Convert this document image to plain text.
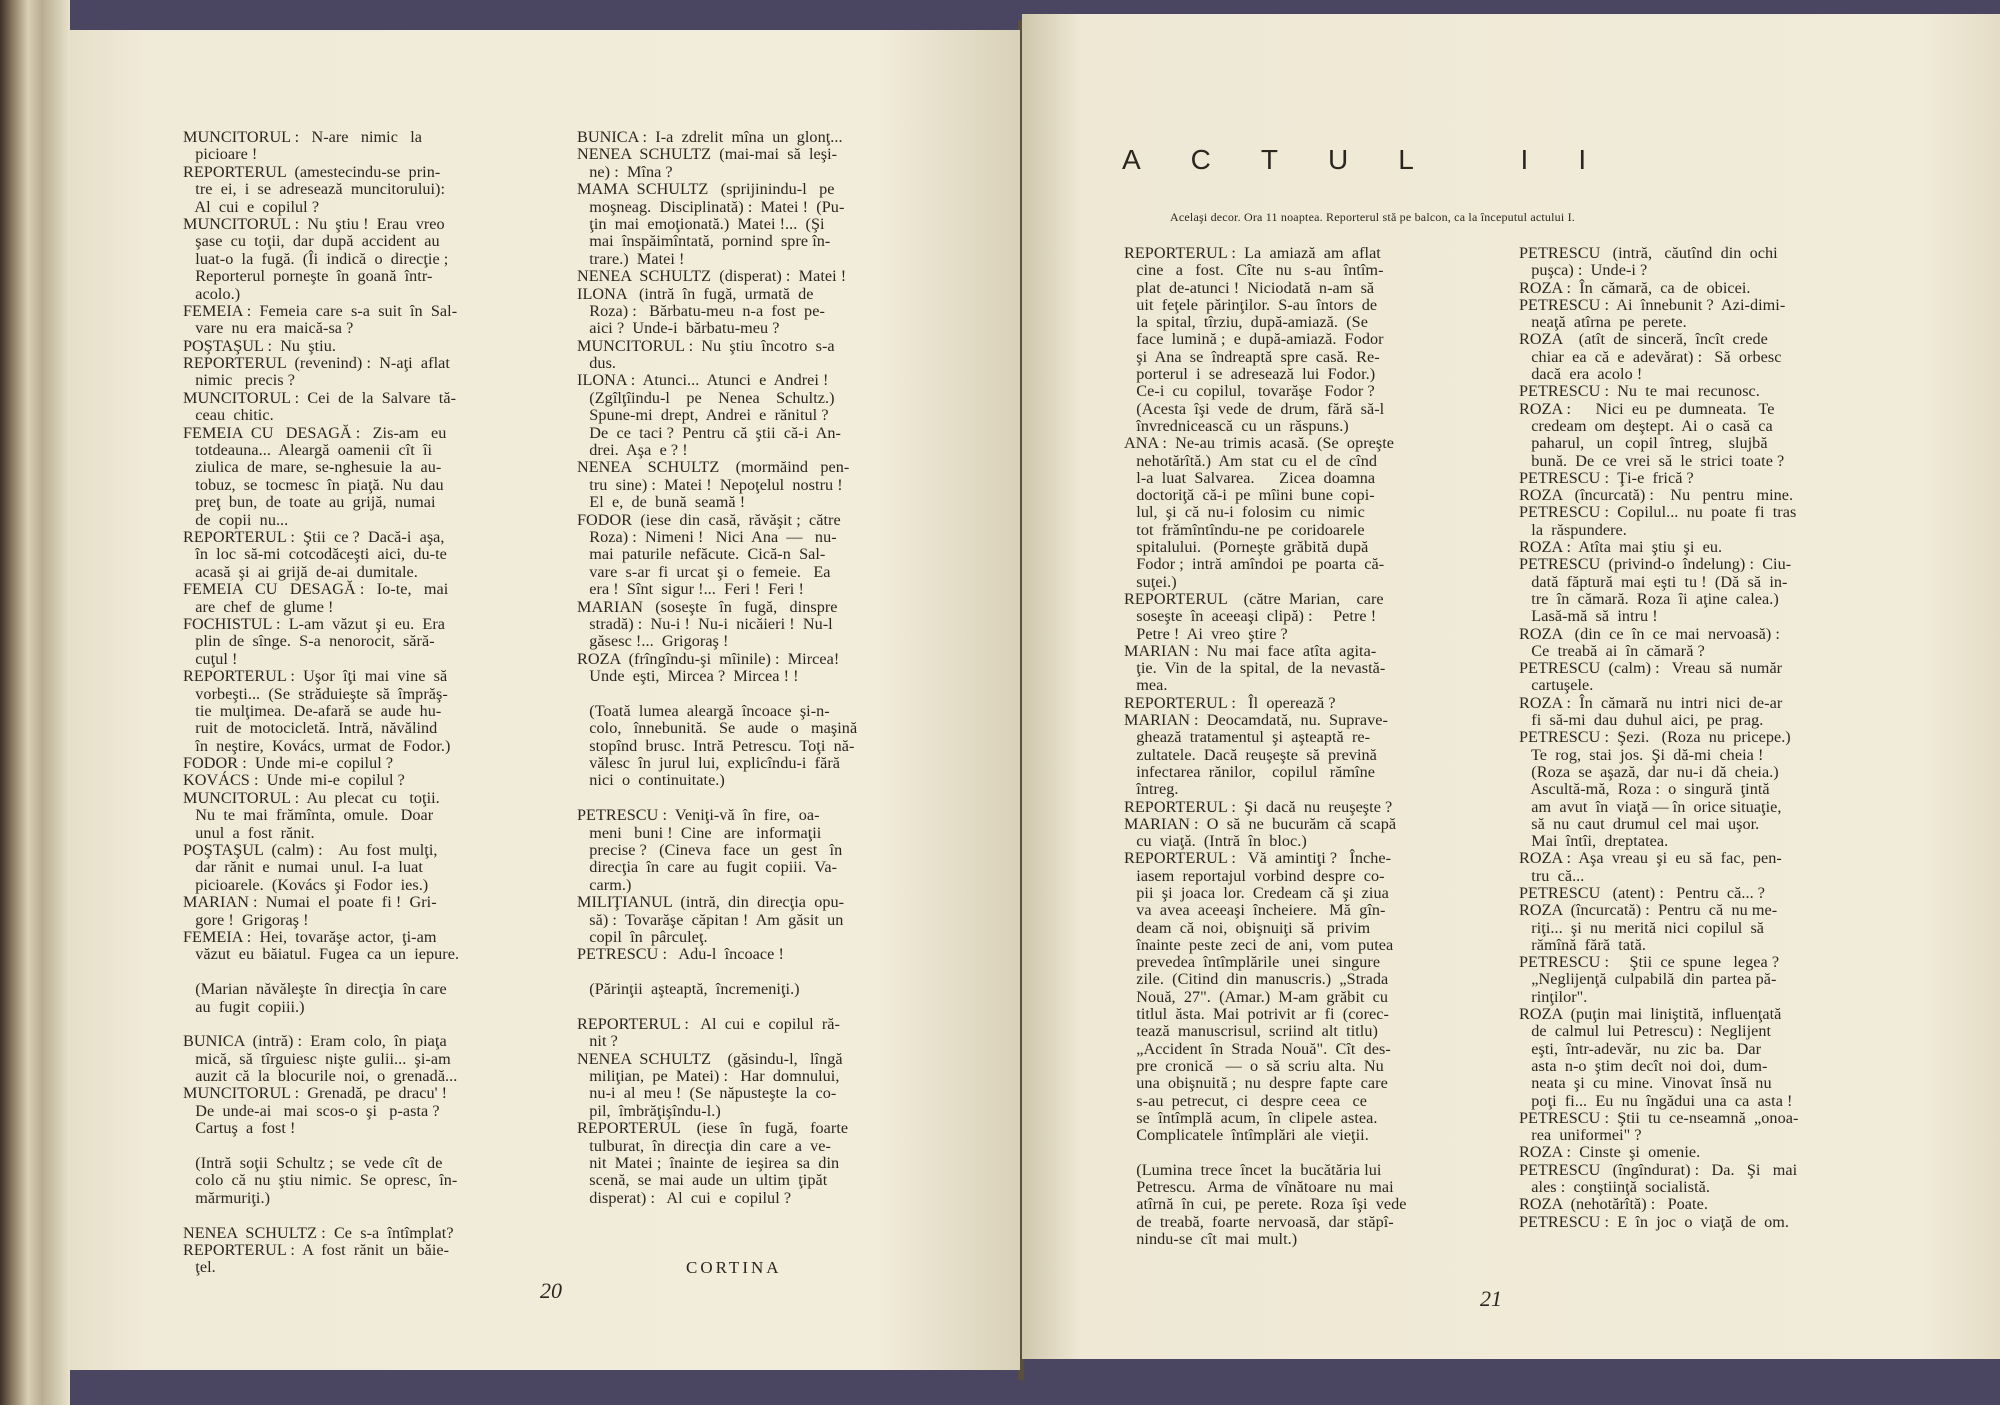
MUNCITORUL :   N-are   nimic   la

picioare !

REPORTERUL  (amestecindu-se  prin-

tre  ei,  i  se  adresează  muncitorului):

Al  cui  e  copilul ?

MUNCITORUL :  Nu  ştiu !  Erau  vreo

şase  cu  toţii,  dar  după  accident  au

luat-o  la  fugă.  (Îi  indică  o  direcţie ;

Reporterul  porneşte  în  goană  într-

acolo.)

FEMEIA :  Femeia  care  s-a  suit  în  Sal-

vare  nu  era  maică-sa ?

POŞTAŞUL :  Nu  ştiu.

REPORTERUL  (revenind) :  N-aţi  aflat

nimic   precis ?

MUNCITORUL :  Cei  de  la  Salvare  tă-

ceau  chitic.

FEMEIA  CU   DESAGĂ :   Zis-am   eu

totdeauna...  Aleargă  oamenii  cît  îi

ziulica  de  mare,  se-nghesuie  la  au-

tobuz,  se  tocmesc  în  piaţă.  Nu  dau

preţ  bun,  de  toate  au  grijă,  numai

de  copii  nu...

REPORTERUL :  Ştii  ce ?  Dacă-i  aşa,

în  loc  să-mi  cotcodăceşti  aici,  du-te

acasă  şi  ai  grijă  de-ai  dumitale.

FEMEIA   CU   DESAGĂ :   Io-te,   mai

are  chef  de  glume !

FOCHISTUL :  L-am  văzut  şi  eu.  Era

plin  de  sînge.  S-a  nenorocit,  sără-

cuţul !

REPORTERUL :  Uşor  îţi  mai  vine  să

vorbeşti...  (Se  străduieşte  să  împrăş-

tie  mulţimea.  De-afară  se  aude  hu-

ruit  de  motocicletă.  Intră,  năvălind

în  neştire,  Kovács,  urmat  de  Fodor.)

FODOR :  Unde  mi-e  copilul ?

KOVÁCS :  Unde  mi-e  copilul ?

MUNCITORUL :  Au  plecat  cu   toţii.

Nu  te  mai  frămînta,  omule.   Doar

unul  a  fost  rănit.

POŞTAŞUL  (calm) :    Au  fost  mulţi,

dar  rănit  e  numai   unul.  I-a  luat

picioarele.  (Kovács  şi  Fodor  ies.)

MARIAN :  Numai  el  poate  fi !  Gri-

gore !  Grigoraş !

FEMEIA :  Hei,  tovarăşe  actor,  ţi-am

văzut  eu  băiatul.  Fugea  ca  un  iepure.

(Marian  năvăleşte  în  direcţia  în care

au  fugit  copiii.)

BUNICA  (intră) :  Eram  colo,  în  piaţa

mică,  să  tîrguiesc  nişte  gulii...  şi-am

auzit  că  la  blocurile  noi,  o  grenadă...

MUNCITORUL :  Grenadă,  pe  dracu' !

De  unde-ai   mai  scos-o  şi   p-asta ?

Cartuş  a  fost !

(Intră  soţii  Schultz ;  se  vede  cît  de

colo  că  nu  ştiu  nimic.  Se  opresc,  în-

mărmuriţi.)

NENEA  SCHULTZ :  Ce  s-a  întîmplat?

REPORTERUL :  A  fost  rănit  un  băie-

ţel.

BUNICA :  I-a  zdrelit  mîna  un  glonţ...

NENEA  SCHULTZ  (mai-mai  să  leşi-

ne) :  Mîna ?

MAMA  SCHULTZ   (sprijinindu-l   pe

moşneag.  Disciplinată) :  Matei !  (Pu-

ţin  mai  emoţionată.)  Matei !...  (Şi

mai  înspăimîntată,  pornind  spre în-

trare.)  Matei !

NENEA  SCHULTZ  (disperat) :  Matei !

ILONA   (intră  în  fugă,  urmată  de

Roza) :   Bărbatu-meu  n-a  fost  pe-

aici ?  Unde-i  bărbatu-meu ?

MUNCITORUL :  Nu  ştiu  încotro  s-a

dus.

ILONA :  Atunci...  Atunci  e  Andrei !

(Zgîlţîindu-l    pe    Nenea    Schultz.)

Spune-mi  drept,  Andrei  e  rănitul ?

De  ce  taci ?  Pentru  că  ştii  că-i  An-

drei.  Aşa  e ? !

NENEA    SCHULTZ    (mormăind   pen-

tru  sine) :  Matei !  Nepoţelul  nostru !

El  e,  de  bună  seamă !

FODOR  (iese  din  casă,  răvăşit ;  către

Roza) :  Nimeni !   Nici  Ana  —   nu-

mai  paturile  nefăcute.  Cică-n  Sal-

vare  s-ar  fi  urcat  şi  o  femeie.   Ea

era !  Sînt  sigur !...  Feri !  Feri !

MARIAN   (soseşte   în   fugă,   dinspre

stradă) :  Nu-i !  Nu-i  nicăieri !  Nu-l

găsesc !...  Grigoraş !

ROZA  (frîngîndu-şi  mîinile) :  Mircea!

Unde  eşti,  Mircea ?  Mircea ! !

(Toată  lumea  aleargă  încoace  şi-n-

colo,   înnebunită.   Se   aude   o   maşină

stopînd  brusc.  Intră  Petrescu.  Toţi  nă-

vălesc  în  jurul  lui,  explicîndu-i  fără

nici  o  continuitate.)

PETRESCU :  Veniţi-vă  în  fire,  oa-

meni   buni !  Cine   are   informaţii

precise ?   (Cineva   face   un   gest   în

direcţia  în  care  au  fugit  copiii.  Va-

carm.)

MILIŢIANUL  (intră,  din  direcţia  opu-

să) :  Tovarăşe  căpitan !  Am  găsit  un

copil  în  pârculeţ.

PETRESCU :   Adu-l  încoace !

(Părinţii  aşteaptă,  încremeniţi.)

REPORTERUL :   Al  cui  e  copilul  ră-

nit ?

NENEA  SCHULTZ    (găsindu-l,   lîngă

miliţian,  pe  Matei) :   Har  domnului,

nu-i  al  meu !  (Se  năpusteşte  la  co-

pil,  îmbrăţişîndu-l.)

REPORTERUL    (iese   în   fugă,   foarte

tulburat,  în  direcţia  din  care  a  ve-

nit  Matei ;  înainte  de  ieşirea  sa  din

scenă,  se  mai  aude  un  ultim  ţipăt

disperat) :   Al  cui  e  copilul ?

CORTINA
20
ACTUL II
Acelaşi decor. Ora 11 noaptea. Reporterul stă pe balcon, ca la începutul actului I.

REPORTERUL :  La  amiază  am  aflat

cine   a   fost.   Cîte   nu   s-au   întîm-

plat  de-atunci !  Niciodată  n-am  să

uit  feţele  părinţilor.  S-au  întors  de

la  spital,  tîrziu,  după-amiază.  (Se

face  lumină ;  e  după-amiază.  Fodor

şi  Ana  se  îndreaptă  spre  casă.  Re-

porterul  i  se  adresează  lui  Fodor.)

Ce-i  cu  copilul,   tovarăşe   Fodor ?

(Acesta  îşi  vede  de  drum,  fără  să-l

învrednicească  cu  un  răspuns.)

ANA :  Ne-au  trimis  acasă.  (Se  opreşte

nehotărîtă.)  Am  stat  cu  el  de  cînd

l-a  luat  Salvarea.      Zicea  doamna

doctoriţă  că-i  pe  mîini  bune  copi-

lul,  şi  că  nu-i  folosim  cu   nimic

tot  frămîntîndu-ne  pe  coridoarele

spitalului.   (Porneşte  grăbită  după

Fodor ;  intră  amîndoi  pe  poarta  că-

suţei.)

REPORTERUL    (către  Marian,    care

soseşte  în  aceeaşi  clipă) :     Petre !

Petre !  Ai  vreo  ştire ?

MARIAN :  Nu  mai  face  atîta  agita-

ţie.  Vin  de  la  spital,  de  la  nevastă-

mea.

REPORTERUL :   Îl  operează ?

MARIAN :  Deocamdată,  nu.  Suprave-

ghează  tratamentul  şi  aşteaptă  re-

zultatele.  Dacă  reuşeşte  să  prevină

infectarea  rănilor,    copilul   rămîne

întreg.

REPORTERUL :  Şi  dacă  nu  reuşeşte ?

MARIAN :  O  să  ne  bucurăm  că  scapă

cu  viaţă.  (Intră  în  bloc.)

REPORTERUL :   Vă  amintiţi ?   Înche-

iasem  reportajul  vorbind  despre  co-

pii  şi  joaca  lor.  Credeam  că  şi  ziua

va  avea  aceeaşi  încheiere.   Mă  gîn-

deam  că  noi,  obişnuiţi  să   privim

înainte  peste  zeci  de  ani,  vom  putea

prevedea  întîmplările   unei   singure

zile.  (Citind  din  manuscris.)  „Strada

Nouă,  27".  (Amar.)  M-am  grăbit  cu

titlul  ăsta.  Mai  potrivit  ar  fi  (corec-

tează  manuscrisul,  scriind  alt  titlu)

„Accident  în  Strada  Nouă".  Cît  des-

pre  cronică   —  o  să  scriu  alta.  Nu

una  obişnuită ;  nu  despre  fapte  care

s-au  petrecut,  ci   despre  ceea   ce

se  întîmplă  acum,  în  clipele  astea.

Complicatele  întîmplări  ale  vieţii.

(Lumina  trece  încet  la  bucătăria lui

Petrescu.   Arma  de  vînătoare  nu  mai

atîrnă  în  cui,  pe  perete.  Roza  îşi  vede

de  treabă,  foarte  nervoasă,  dar  stăpî-

nindu-se  cît  mai  mult.)

PETRESCU   (intră,   căutînd  din  ochi

puşca) :  Unde-i ?

ROZA :  În  cămară,  ca  de  obicei.

PETRESCU :  Ai  înnebunit ?  Azi-dimi-

neaţă  atîrna  pe  perete.

ROZA    (atît  de  sinceră,  încît  crede

chiar  ea  că  e  adevărat) :   Să  orbesc

dacă  era  acolo !

PETRESCU :  Nu  te  mai  recunosc.

ROZA :      Nici  eu  pe  dumneata.   Te

credeam  om  deştept.  Ai  o  casă  ca

paharul,   un   copil   întreg,    slujbă

bună.  De  ce  vrei  să  le  strici  toate ?

PETRESCU :  Ţi-e  frică ?

ROZA   (încurcată) :    Nu   pentru   mine.

PETRESCU :  Copilul...  nu  poate  fi  tras

la  răspundere.

ROZA :  Atîta  mai  ştiu  şi  eu.

PETRESCU  (privind-o  îndelung) :  Ciu-

dată  făptură  mai  eşti  tu !  (Dă  să  in-

tre  în  cămară.  Roza  îi  aţine  calea.)

Lasă-mă  să  intru !

ROZA   (din  ce  în  ce  mai  nervoasă) :

Ce  treabă  ai  în  cămară ?

PETRESCU  (calm) :   Vreau  să  număr

cartuşele.

ROZA :  În  cămară  nu  intri  nici  de-ar

fi  să-mi  dau  duhul  aici,  pe  prag.

PETRESCU :  Şezi.   (Roza  nu  pricepe.)

Te  rog,  stai  jos.  Şi  dă-mi  cheia !

(Roza  se  aşază,  dar  nu-i  dă  cheia.)

Ascultă-mă,  Roza :  o  singură  ţintă

am  avut  în  viaţă — în  orice situaţie,

să  nu  caut  drumul  cel  mai  uşor.

Mai  întîi,  dreptatea.

ROZA :  Aşa  vreau  şi  eu  să  fac,  pen-

tru  că...

PETRESCU   (atent) :   Pentru  că... ?

ROZA  (încurcată) :  Pentru  că  nu me-

riţi...  şi  nu  merită  nici  copilul  să

rămînă  fără  tată.

PETRESCU :     Ştii  ce  spune   legea ?

„Neglijenţă  culpabilă  din  partea pă-

rinţilor".

ROZA  (puţin  mai  liniştită,  influenţată

de  calmul  lui  Petrescu) :  Neglijent

eşti,  într-adevăr,   nu  zic  ba.   Dar

asta  n-o  ştim  decît  noi  doi,  dum-

neata  şi  cu  mine.  Vinovat  însă  nu

poţi  fi...  Eu  nu  îngădui  una  ca  asta !

PETRESCU :  Ştii  tu  ce-nseamnă  „onoa-

rea  uniformei" ?

ROZA :  Cinste  şi  omenie.

PETRESCU   (îngîndurat) :   Da.   Şi   mai

ales :  conştiinţă  socialistă.

ROZA  (nehotărîtă) :   Poate.

PETRESCU :  E  în  joc  o  viaţă  de  om.

21
